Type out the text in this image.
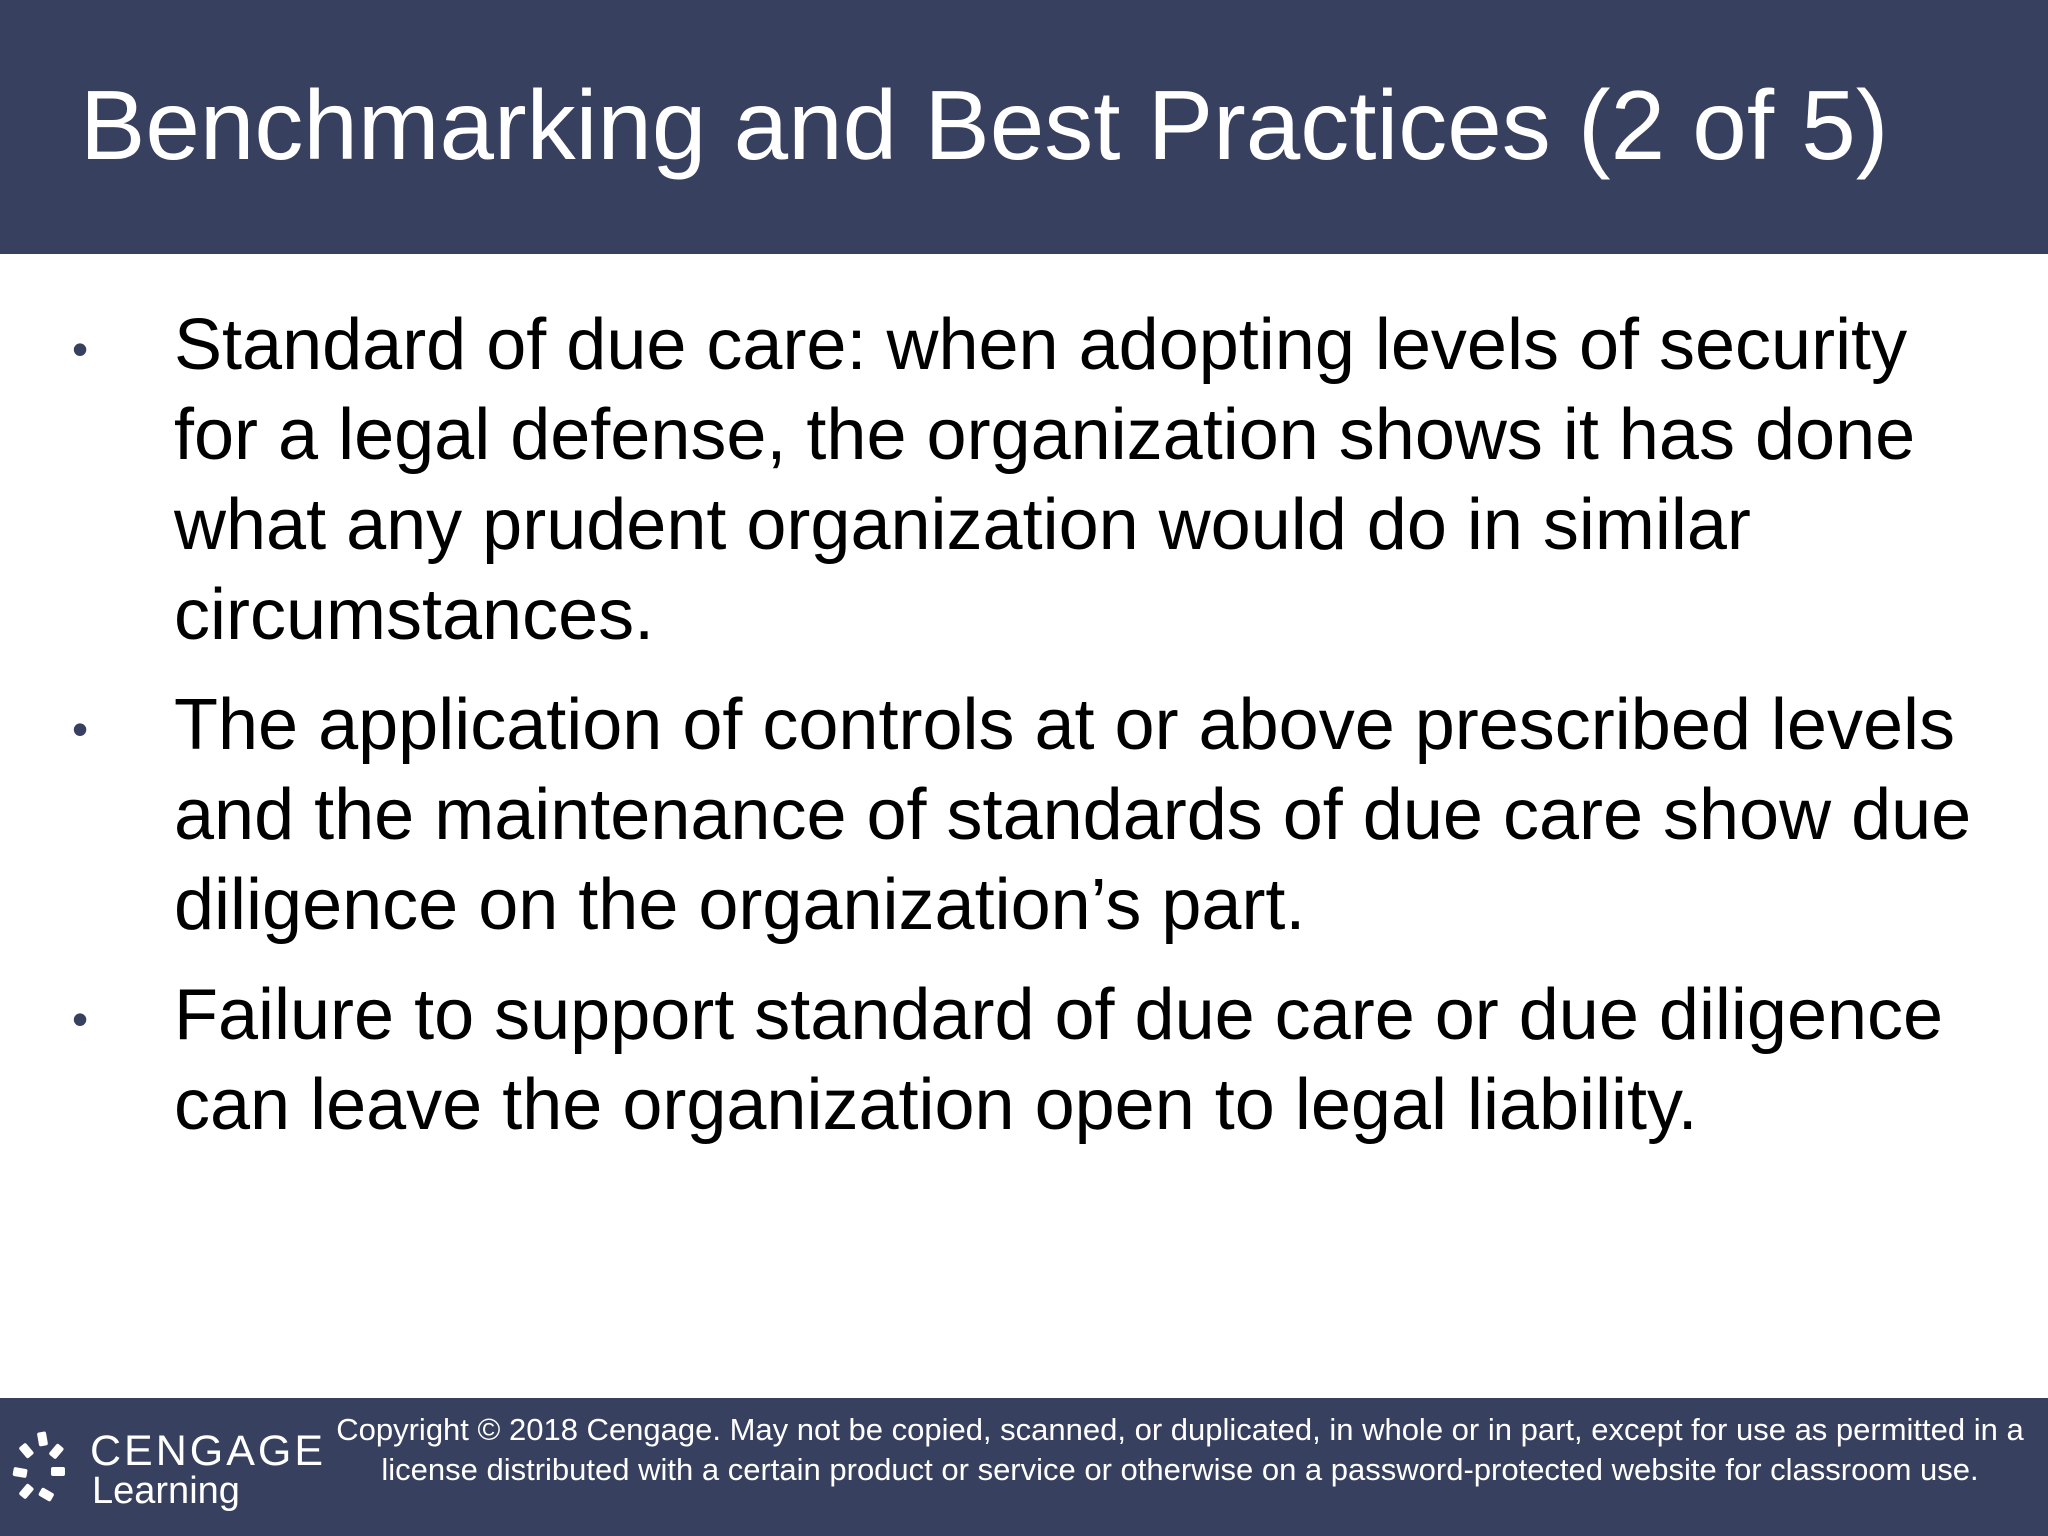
Benchmarking and Best Practices (2 of 5)
• Standard of due care: when adopting levels of security for a legal defense, the organization shows it has done what any prudent organization would do in similar circumstances.
• The application of controls at or above prescribed levels and the maintenance of standards of due care show due diligence on the organization’s part.
• Failure to support standard of due care or due diligence can leave the organization open to legal liability.
CENGAGE
Learning
Copyright © 2018 Cengage. May not be copied, scanned, or duplicated, in whole or in part, except for use as permitted in a license distributed with a certain product or service or otherwise on a password-protected website for classroom use.
